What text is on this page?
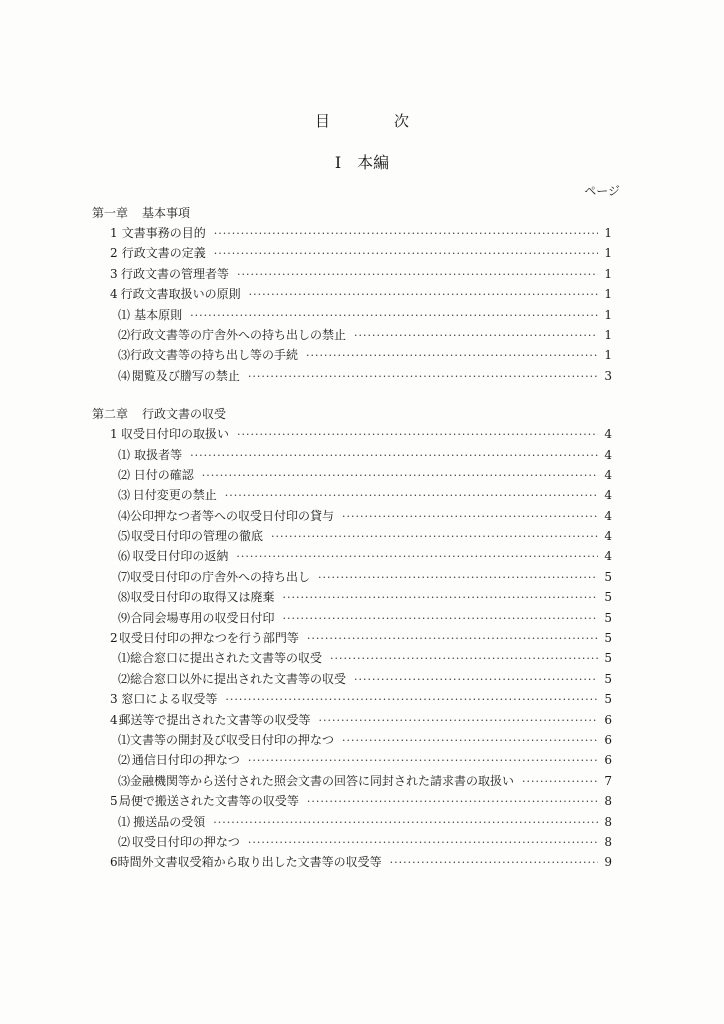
目	次
Ⅰ　本編
ページ
第一章 基本事項
1 文書事務の目的 ·····	1
2 行政文書の定義 ·····	1
3 行政文書の管理者等 ·····	1
4 行政文書取扱いの原則 ·····	1
⑴ 基本原則 ·····	1
⑵ 行政文書等の庁舎外への持ち出しの禁止 ·····	1
⑶ 行政文書等の持ち出し等の手続 ·····	1
⑷ 閲覧及び謄写の禁止 ·····	3
第二章 行政文書の収受
1 収受日付印の取扱い ·····	4
⑴ 取扱者等 ·····	4
⑵ 日付の確認 ·····	4
⑶ 日付変更の禁止 ·····	4
⑷ 公印押なつ者等への収受日付印の貸与 ·····	4
⑸ 収受日付印の管理の徹底 ·····	4
⑹ 収受日付印の返納 ·····	4
⑺ 収受日付印の庁舎外への持ち出し ·····	5
⑻ 収受日付印の取得又は廃棄 ·····	5
⑼ 合同会場専用の収受日付印 ·····	5
2 収受日付印の押なつを行う部門等 ·····	5
⑴ 総合窓口に提出された文書等の収受 ·····	5
⑵ 総合窓口以外に提出された文書等の収受 ·····	5
3 窓口による収受等 ·····	5
4 郵送等で提出された文書等の収受等 ·····	6
⑴ 文書等の開封及び収受日付印の押なつ ·····	6
⑵ 通信日付印の押なつ ·····	6
⑶ 金融機関等から送付された照会文書の回答に同封された請求書の取扱い ·····	7
5 局便で搬送された文書等の収受等 ·····	8
⑴ 搬送品の受領 ·····	8
⑵ 収受日付印の押なつ ·····	8
6 時間外文書収受箱から取り出した文書等の収受等 ·····	9
